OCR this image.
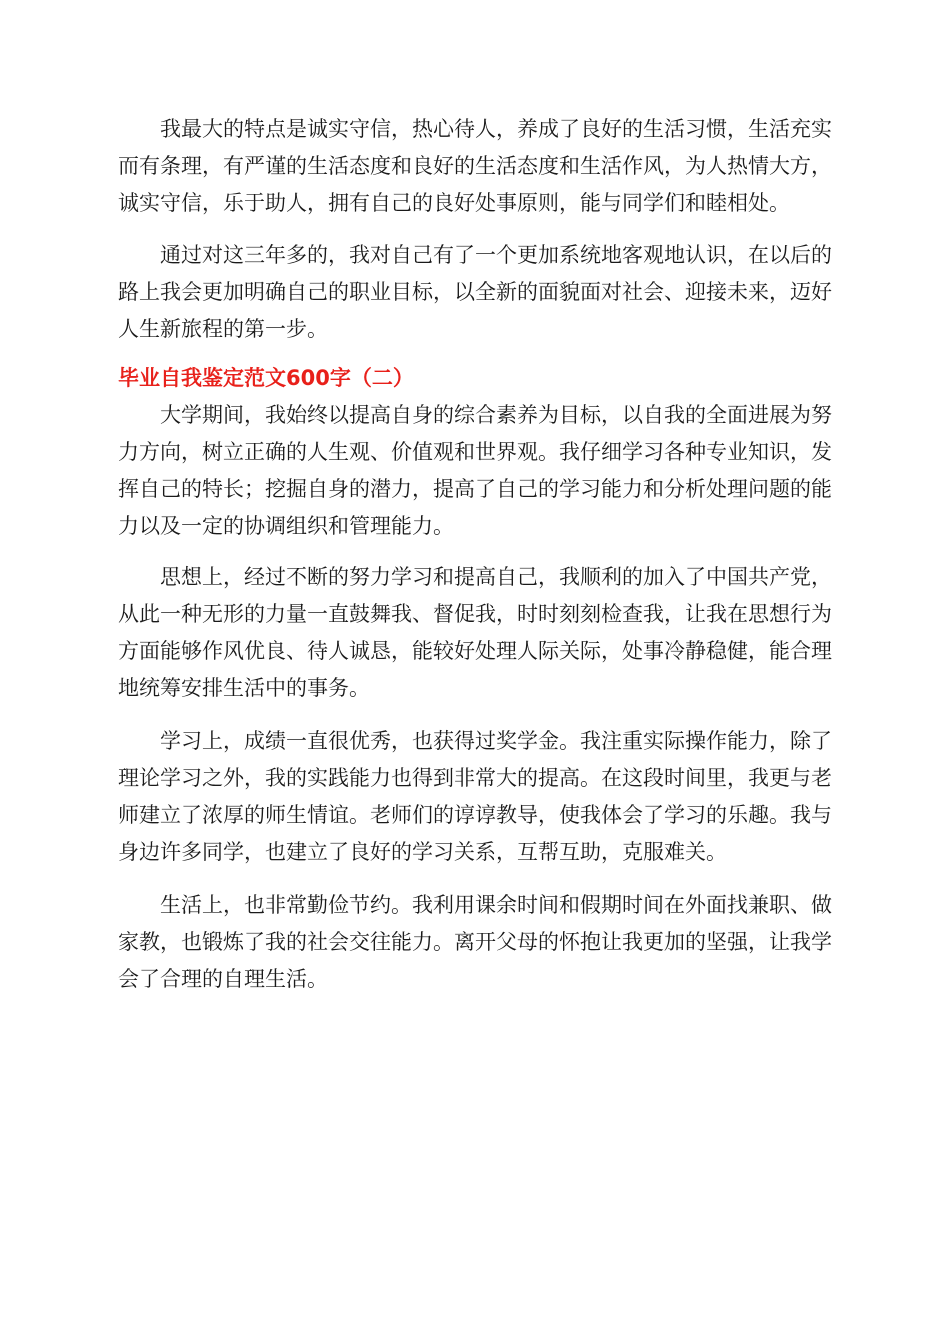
我最大的特点是诚实守信，热心待人，养成了良好的生活习惯，生活充实而有条理，有严谨的生活态度和良好的生活态度和生活作风，为人热情大方，诚实守信，乐于助人，拥有自己的良好处事原则，能与同学们和睦相处。

通过对这三年多的，我对自己有了一个更加系统地客观地认识，在以后的路上我会更加明确自己的职业目标，以全新的面貌面对社会、迎接未来，迈好人生新旅程的第一步。

毕业自我鉴定范文600字（二）

大学期间，我始终以提高自身的综合素养为目标，以自我的全面进展为努力方向，树立正确的人生观、价值观和世界观。我仔细学习各种专业知识，发挥自己的特长；挖掘自身的潜力，提高了自己的学习能力和分析处理问题的能力以及一定的协调组织和管理能力。

思想上，经过不断的努力学习和提高自己，我顺利的加入了中国共产党，从此一种无形的力量一直鼓舞我、督促我，时时刻刻检查我，让我在思想行为方面能够作风优良、待人诚恳，能较好处理人际关际，处事冷静稳健，能合理地统筹安排生活中的事务。

学习上，成绩一直很优秀，也获得过奖学金。我注重实际操作能力，除了理论学习之外，我的实践能力也得到非常大的提高。在这段时间里，我更与老师建立了浓厚的师生情谊。老师们的谆谆教导，使我体会了学习的乐趣。我与身边许多同学，也建立了良好的学习关系，互帮互助，克服难关。

生活上，也非常勤俭节约。我利用课余时间和假期时间在外面找兼职、做家教，也锻炼了我的社会交往能力。离开父母的怀抱让我更加的坚强，让我学会了合理的自理生活。
